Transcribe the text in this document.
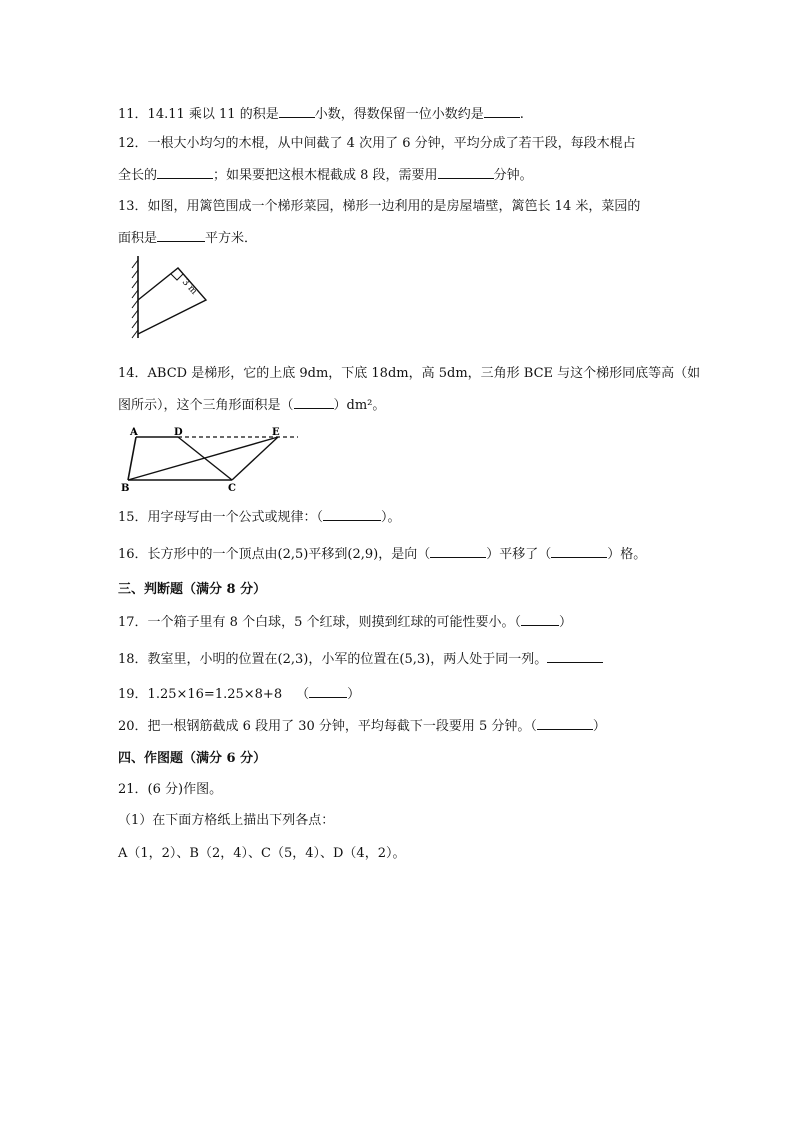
11．14.11 乘以 11 的积是	小数，得数保留一位小数约是	.
12．一根大小均匀的木棍，从中间截了 4 次用了 6 分钟，平均分成了若干段，每段木棍占
全长的	；如果要把这根木棍截成 8 段，需要用	分钟。
13．如图，用篱笆围成一个梯形菜园，梯形一边利用的是房屋墙壁，篱笆长 14 米，菜园的
面积是	平方米．
3 m
14．ABCD 是梯形，它的上底 9dm，下底 18dm，高 5dm，三角形 BCE 与这个梯形同底等高（如
图所示），这个三角形面积是（	）dm²。
A	D	E
B	C
15．用字母写由一个公式或规律：（	）。
16．长方形中的一个顶点由(2,5)平移到(2,9)，是向（	）平移了（	）格。
三、判断题（满分 8 分）
17．一个箱子里有 8 个白球，5 个红球，则摸到红球的可能性要小。（	）
18．教室里，小明的位置在(2,3)，小军的位置在(5,3)，两人处于同一列。
19．1.25×16=1.25×8+8 （	）
20．把一根钢筋截成 6 段用了 30 分钟，平均每截下一段要用 5 分钟。（	）
四、作图题（满分 6 分）
21．(6 分)作图。
（1）在下面方格纸上描出下列各点：
A（1，2）、B（2，4）、C（5，4）、D（4，2）。
